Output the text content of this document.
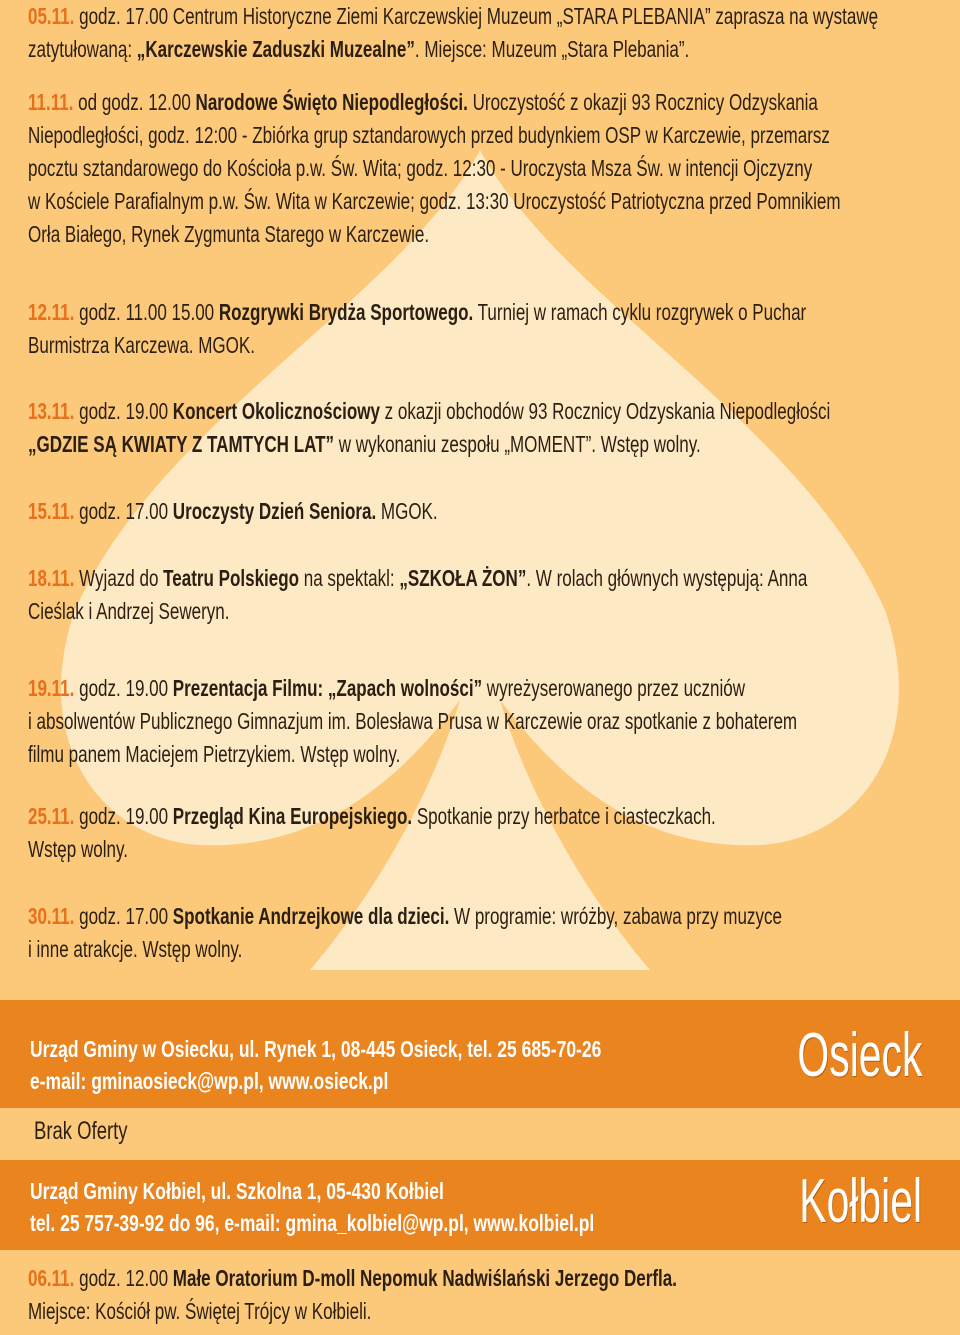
05.11. godz. 17.00 Centrum Historyczne Ziemi Karczewskiej Muzeum „STARA PLEBANIA” zaprasza na wystawę
zatytułowaną: „Karczewskie Zaduszki Muzealne”. Miejsce: Muzeum „Stara Plebania”.
11.11. od godz. 12.00 Narodowe Święto Niepodległości. Uroczystość z okazji 93 Rocznicy Odzyskania
Niepodległości, godz. 12:00 - Zbiórka grup sztandarowych przed budynkiem OSP w Karczewie, przemarsz
pocztu sztandarowego do Kościoła p.w. Św. Wita; godz. 12:30 - Uroczysta Msza Św. w intencji Ojczyzny
w Kościele Parafialnym p.w. Św. Wita w Karczewie; godz. 13:30 Uroczystość Patriotyczna przed Pomnikiem
Orła Białego, Rynek Zygmunta Starego w Karczewie.
12.11. godz. 11.00 15.00 Rozgrywki Brydża Sportowego. Turniej w ramach cyklu rozgrywek o Puchar
Burmistrza Karczewa. MGOK.
13.11. godz. 19.00 Koncert Okolicznościowy z okazji obchodów 93 Rocznicy Odzyskania Niepodległości
„GDZIE SĄ KWIATY Z TAMTYCH LAT” w wykonaniu zespołu „MOMENT”. Wstęp wolny.
15.11. godz. 17.00 Uroczysty Dzień Seniora. MGOK.
18.11. Wyjazd do Teatru Polskiego na spektakl: „SZKOŁA ŻON”. W rolach głównych występują: Anna
Cieślak i Andrzej Seweryn.
19.11. godz. 19.00 Prezentacja Filmu: „Zapach wolności” wyreżyserowanego przez uczniów
i absolwentów Publicznego Gimnazjum im. Bolesława Prusa w Karczewie oraz spotkanie z bohaterem
filmu panem Maciejem Pietrzykiem. Wstęp wolny.
25.11. godz. 19.00 Przegląd Kina Europejskiego. Spotkanie przy herbatce i ciasteczkach.
Wstęp wolny.
30.11. godz. 17.00 Spotkanie Andrzejkowe dla dzieci. W programie: wróżby, zabawa przy muzyce
i inne atrakcje. Wstęp wolny.
Urząd Gminy w Osiecku, ul. Rynek 1, 08-445 Osieck, tel. 25 685-70-26
e-mail: gminaosieck@wp.pl, www.osieck.pl	Osieck
Brak Oferty
Urząd Gminy Kołbiel, ul. Szkolna 1, 05-430 Kołbiel
tel. 25 757-39-92 do 96, e-mail: gmina_kolbiel@wp.pl, www.kolbiel.pl	Kołbiel
06.11. godz. 12.00 Małe Oratorium D-moll Nepomuk Nadwiślański Jerzego Derfla.
Miejsce: Kościół pw. Świętej Trójcy w Kołbieli.
